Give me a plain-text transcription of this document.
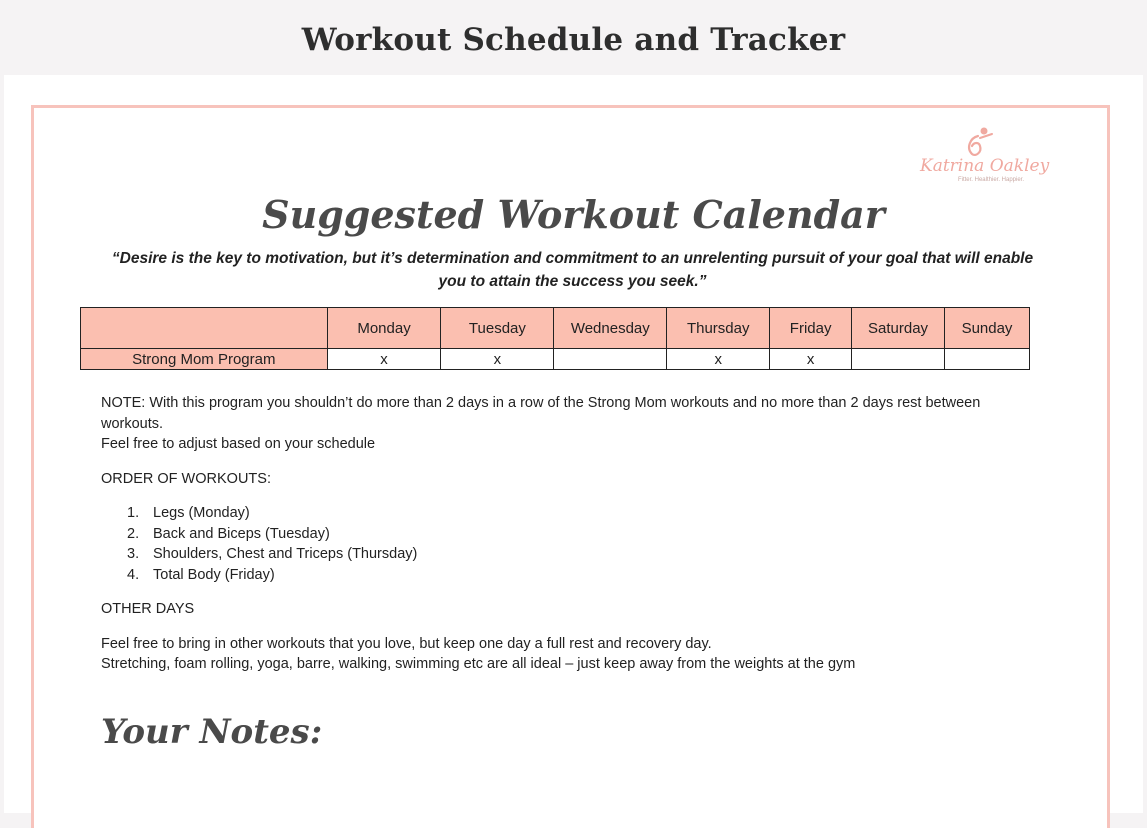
Workout Schedule and Tracker
Katrina Oakley
Fitter. Healthier. Happier.
Suggested Workout Calendar

“Desire is the key to motivation, but it’s determination and commitment to an unrelenting pursuit of your goal that will enable you to attain the success you seek.”

	Monday	Tuesday	Wednesday	Thursday	Friday	Saturday	Sunday
Strong Mom Program	x	x		x	x		

NOTE: With this program you shouldn’t do more than 2 days in a row of the Strong Mom workouts and no more than 2 days rest between workouts.

Feel free to adjust based on your schedule

ORDER OF WORKOUTS:

1. Legs (Monday)
2. Back and Biceps (Tuesday)
3. Shoulders, Chest and Triceps (Thursday)
4. Total Body (Friday)

OTHER DAYS

Feel free to bring in other workouts that you love, but keep one day a full rest and recovery day.

Stretching, foam rolling, yoga, barre, walking, swimming etc are all ideal – just keep away from the weights at the gym

Your Notes:
